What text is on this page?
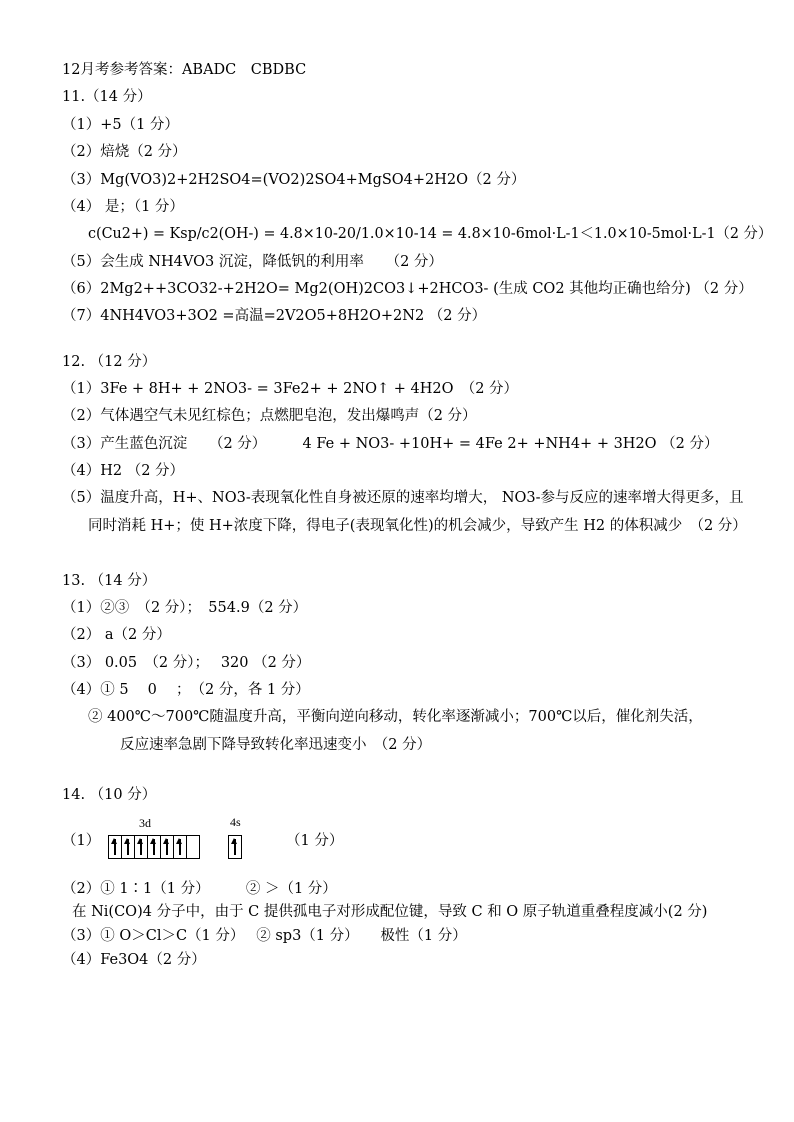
12月考参考答案：ABADC　CBDBC
11.（14 分）
（1）+5（1 分）
（2）焙烧（2 分）
（3）Mg(VO3)2+2H2SO4=(VO2)2SO4+MgSO4+2H2O（2 分）
（4） 是；（1 分）
c(Cu2+) = Ksp/c2(OH-) = 4.8×10-20/1.0×10-14 = 4.8×10-6mol·L-1＜1.0×10-5mol·L-1（2 分）
（5）会生成 NH4VO3 沉淀，降低钒的利用率　　（2 分）
（6）2Mg2++3CO32-+2H2O= Mg2(OH)2CO3↓+2HCO3- (生成 CO2 其他均正确也给分) （2 分）
（7）4NH4VO3+3O2 =高温=2V2O5+8H2O+2N2 （2 分）
12. （12 分）
（1）3Fe + 8H+ + 2NO3- = 3Fe2+ + 2NO↑ + 4H2O　（2 分）
（2）气体遇空气未见红棕色；点燃肥皂泡，发出爆鸣声（2 分）
（3）产生蓝色沉淀　　（2 分）　　　4 Fe + NO3- +10H+ = 4Fe 2+ +NH4+ + 3H2O （2 分）
（4）H2 （2 分）
（5）温度升高，H+、NO3-表现氧化性自身被还原的速率均增大， NO3-参与反应的速率增大得更多，且
同时消耗 H+；使 H+浓度下降，得电子(表现氧化性)的机会减少，导致产生 H2 的体积减少　（2 分）
13. （14 分）
（1）②③　（2 分）；　554.9（2 分）
（2） a（2 分）
（3） 0.05　（2 分）；　 320 （2 分）
（4）① 5　 0　 ；　（2 分，各 1 分）
② 400℃～700℃随温度升高，平衡向逆向移动，转化率逐渐减小；700℃以后，催化剂失活，
反应速率急剧下降导致转化率迅速变小　（2 分）
14. （10 分）
（1）
3d	4s
（1 分）
（2）① 1∶1（1 分）　　　② ＞（1 分）
在 Ni(CO)4 分子中，由于 C 提供孤电子对形成配位键，导致 C 和 O 原子轨道重叠程度减小(2 分)
（3）① O＞Cl＞C（1 分）　 ② sp3（1 分）　　极性（1 分）
（4）Fe3O4（2 分）
